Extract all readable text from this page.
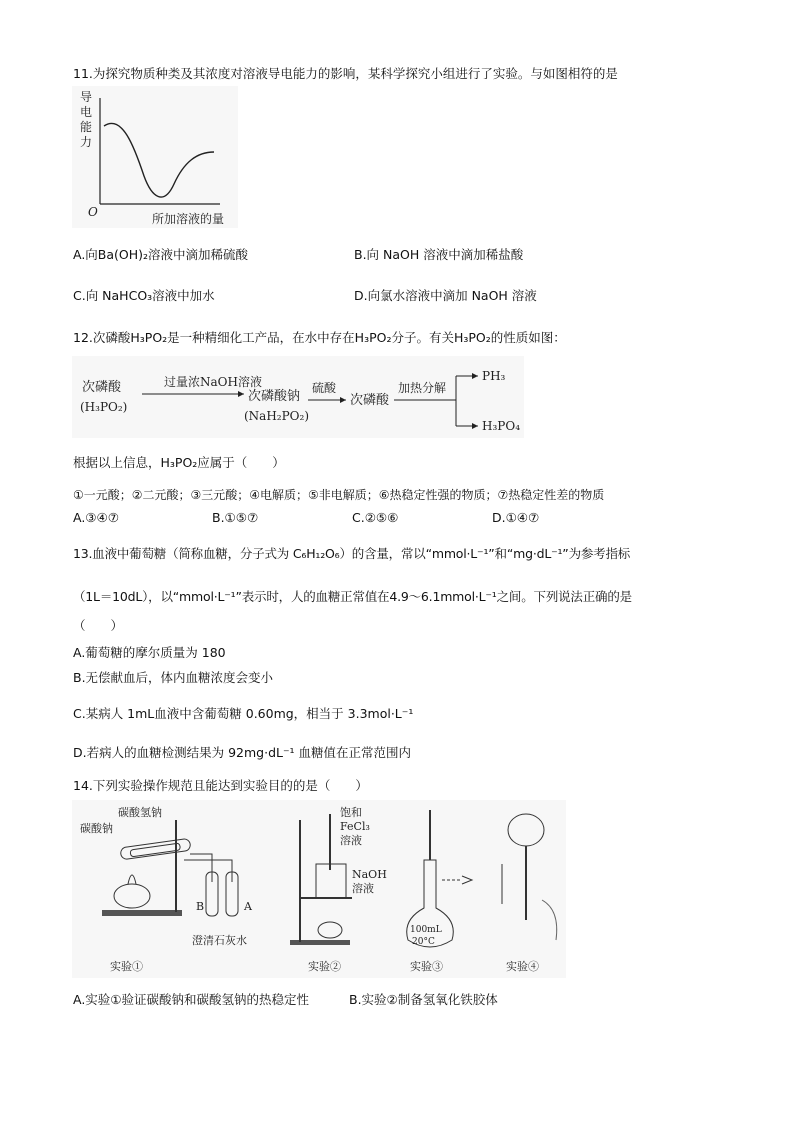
11.为探究物质种类及其浓度对溶液导电能力的影响，某科学探究小组进行了实验。与如图相符的是
导
电
能
力
O	所加溶液的量
A.向Ba(OH)₂溶液中滴加稀硫酸	B.向 NaOH 溶液中滴加稀盐酸
C.向 NaHCO₃溶液中加水	D.向氯水溶液中滴加 NaOH 溶液
12.次磷酸H₃PO₂是一种精细化工产品，在水中存在H₃PO₂分子。有关H₃PO₂的性质如图：
次磷酸
(H₃PO₂)
过量浓NaOH溶液
次磷酸钠
(NaH₂PO₂)
硫酸
次磷酸
加热分解
PH₃
H₃PO₄
根据以上信息，H₃PO₂应属于（　　）
①一元酸；②二元酸；③三元酸；④电解质；⑤非电解质；⑥热稳定性强的物质；⑦热稳定性差的物质
A.③④⑦	B.①⑤⑦	C.②⑤⑥	D.①④⑦
13.血液中葡萄糖（简称血糖，分子式为 C₆H₁₂O₆）的含量，常以“mmol·L⁻¹”和“mg·dL⁻¹”为参考指标
（1L＝10dL），以“mmol·L⁻¹”表示时，人的血糖正常值在4.9～6.1mmol·L⁻¹之间。下列说法正确的是
（　　）
A.葡萄糖的摩尔质量为 180
B.无偿献血后，体内血糖浓度会变小
C.某病人 1mL血液中含葡萄糖 0.60mg，相当于 3.3mol·L⁻¹
D.若病人的血糖检测结果为 92mg·dL⁻¹ 血糖值在正常范围内
14.下列实验操作规范且能达到实验目的的是（　　）
碳酸钠
碳酸氢钠
B	A
澄清石灰水
实验①
饱和
FeCl₃
溶液
NaOH
溶液
实验②
100mL
20°C
实验③	实验④
A.实验①验证碳酸钠和碳酸氢钠的热稳定性	B.实验②制备氢氧化铁胶体
